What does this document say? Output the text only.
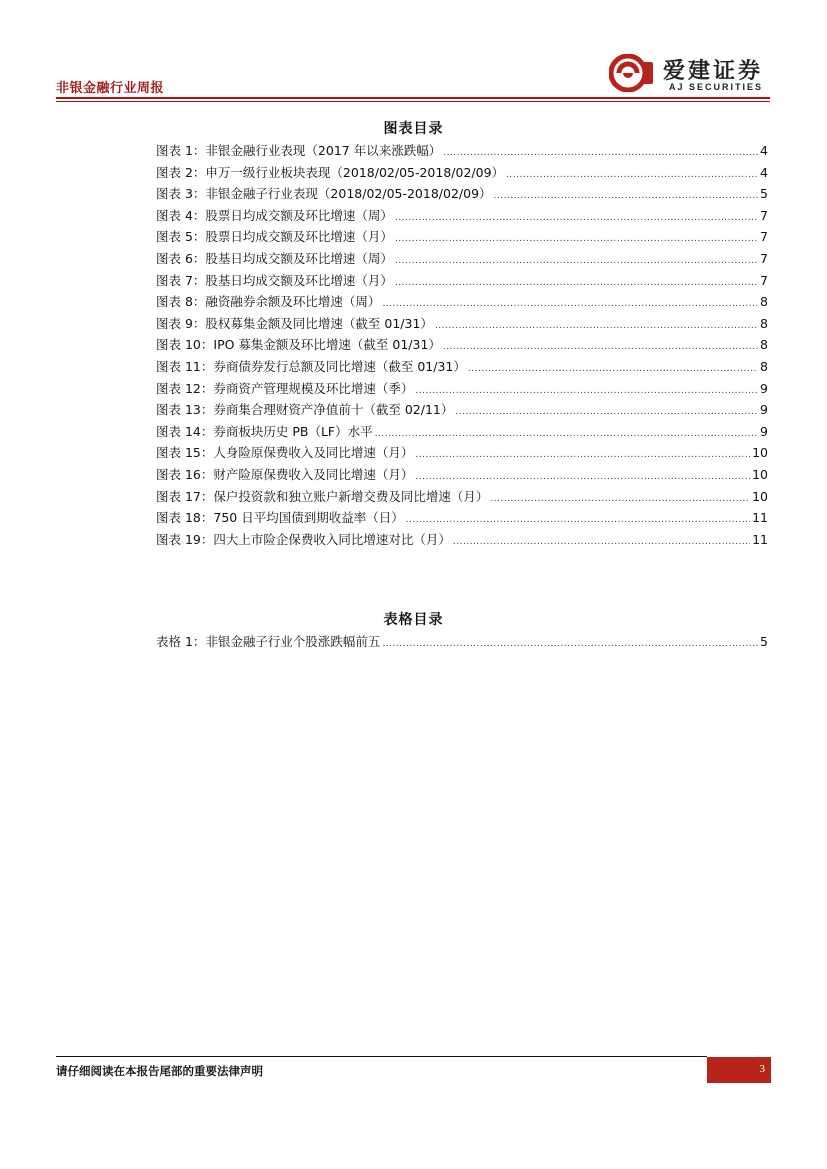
非银金融行业周报
爱建证券
AJ SECURITIES
图表目录
图表 1：非银金融行业表现（2017 年以来涨跌幅） .....	4
图表 2：申万一级行业板块表现（2018/02/05-2018/02/09） .....	4
图表 3：非银金融子行业表现（2018/02/05-2018/02/09） .....	5
图表 4：股票日均成交额及环比增速（周） .....	7
图表 5：股票日均成交额及环比增速（月） .....	7
图表 6：股基日均成交额及环比增速（周） .....	7
图表 7：股基日均成交额及环比增速（月） .....	7
图表 8：融资融券余额及环比增速（周） .....	8
图表 9：股权募集金额及同比增速（截至 01/31） .....	8
图表 10：IPO 募集金额及环比增速（截至 01/31） .....	8
图表 11：券商债券发行总额及同比增速（截至 01/31） .....	8
图表 12：券商资产管理规模及环比增速（季） .....	9
图表 13：券商集合理财资产净值前十（截至 02/11） .....	9
图表 14：券商板块历史 PB（LF）水平 .....	9
图表 15：人身险原保费收入及同比增速（月） .....	10
图表 16：财产险原保费收入及同比增速（月） .....	10
图表 17：保户投资款和独立账户新增交费及同比增速（月） .....	10
图表 18：750 日平均国债到期收益率（日） .....	11
图表 19：四大上市险企保费收入同比增速对比（月） .....	11
表格目录
表格 1：非银金融子行业个股涨跌幅前五 .....	5
请仔细阅读在本报告尾部的重要法律声明	3
